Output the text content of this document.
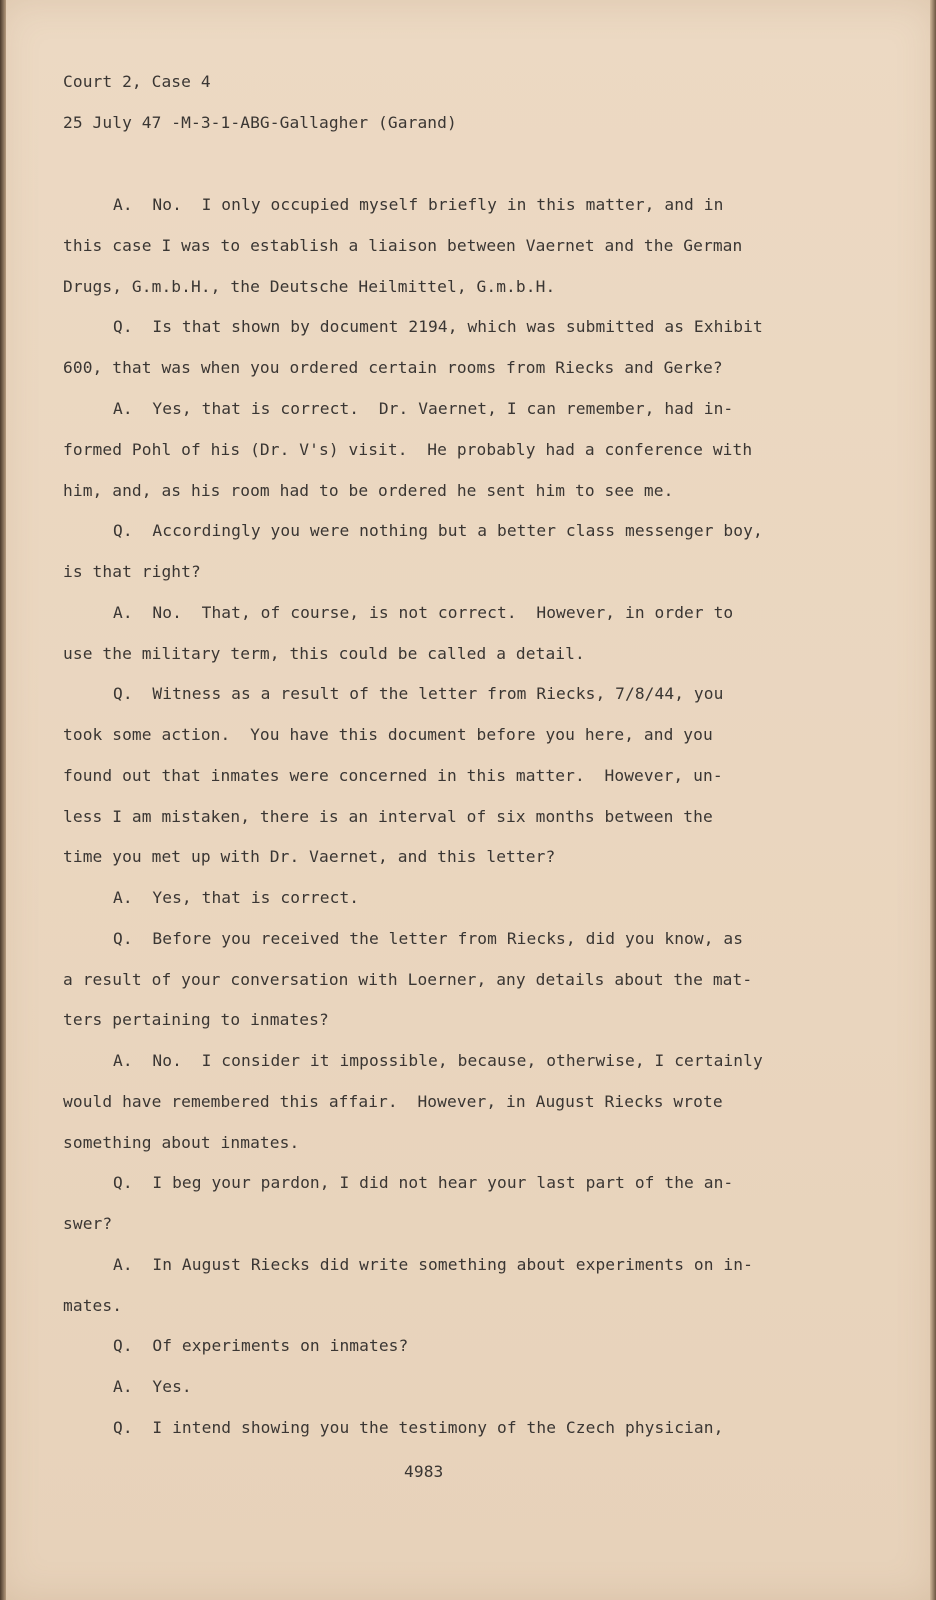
Court 2, Case 4
25 July 47 -M-3-1-ABG-Gallagher (Garand)
A.  No.  I only occupied myself briefly in this matter, and in
this case I was to establish a liaison between Vaernet and the German
Drugs, G.m.b.H., the Deutsche Heilmittel, G.m.b.H.
Q.  Is that shown by document 2194, which was submitted as Exhibit
600, that was when you ordered certain rooms from Riecks and Gerke?
A.  Yes, that is correct.  Dr. Vaernet, I can remember, had in-
formed Pohl of his (Dr. V's) visit.  He probably had a conference with
him, and, as his room had to be ordered he sent him to see me.
Q.  Accordingly you were nothing but a better class messenger boy,
is that right?
A.  No.  That, of course, is not correct.  However, in order to
use the military term, this could be called a detail.
Q.  Witness as a result of the letter from Riecks, 7/8/44, you
took some action.  You have this document before you here, and you
found out that inmates were concerned in this matter.  However, un-
less I am mistaken, there is an interval of six months between the
time you met up with Dr. Vaernet, and this letter?
A.  Yes, that is correct.
Q.  Before you received the letter from Riecks, did you know, as
a result of your conversation with Loerner, any details about the mat-
ters pertaining to inmates?
A.  No.  I consider it impossible, because, otherwise, I certainly
would have remembered this affair.  However, in August Riecks wrote
something about inmates.
Q.  I beg your pardon, I did not hear your last part of the an-
swer?
A.  In August Riecks did write something about experiments on in-
mates.
Q.  Of experiments on inmates?
A.  Yes.
Q.  I intend showing you the testimony of the Czech physician,
4983
